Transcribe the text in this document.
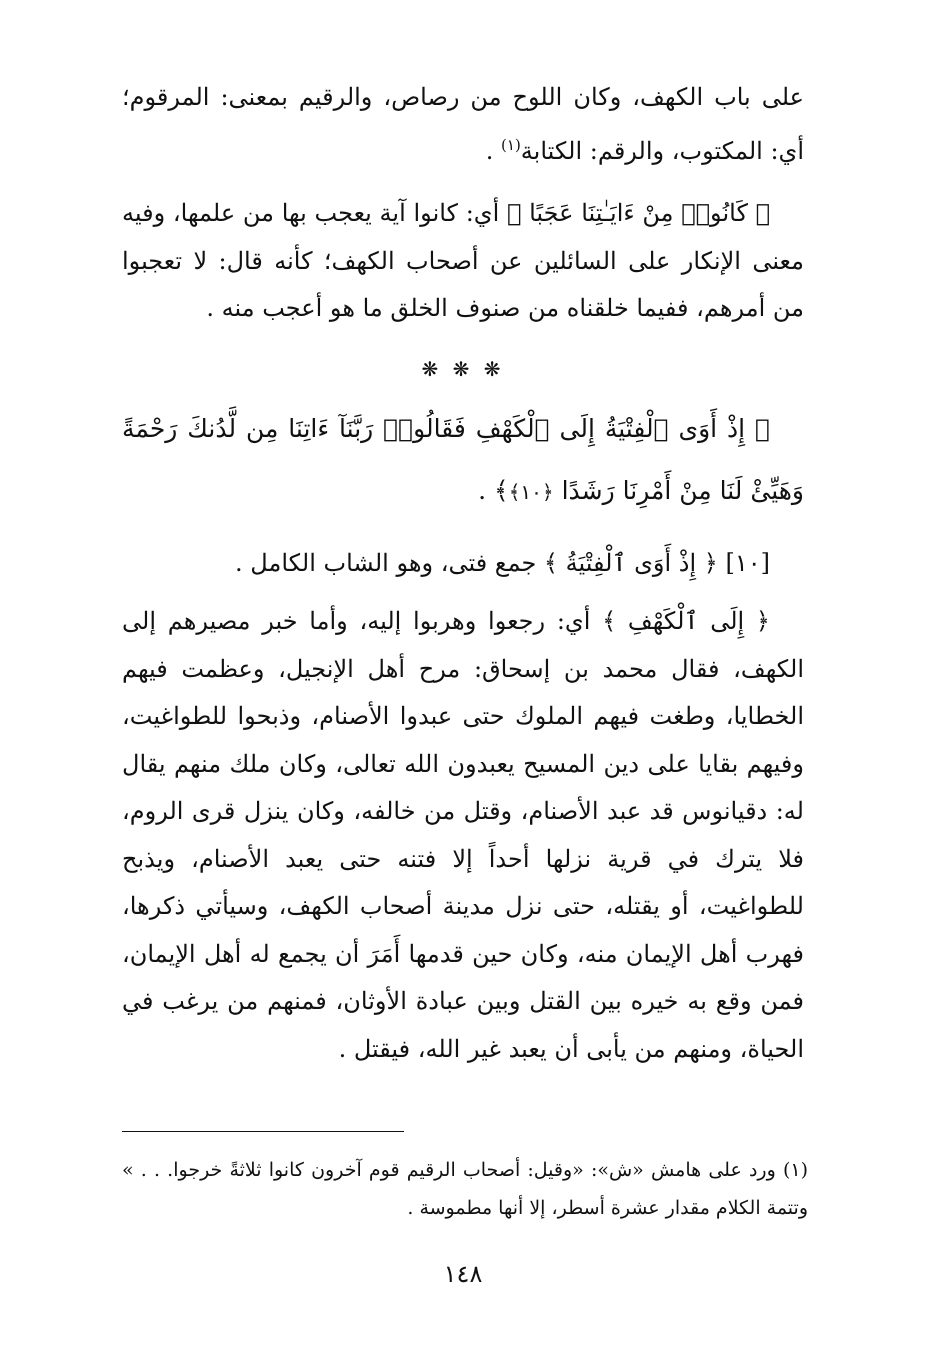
على باب الكهف، وكان اللوح من رصاص، والرقيم بمعنى: المرقوم؛

أي: المكتوب، والرقم: الكتابة$^{(١)}$ .

﴿ كَانُوا۟ مِنْ ءَايَـٰتِنَا عَجَبًا ﴾ أي: كانوا آية يعجب بها من علمها، وفيه معنى الإنكار على السائلين عن أصحاب الكهف؛ كأنه قال: لا تعجبوا من أمرهم، ففيما خلقناه من صنوف الخلق ما هو أعجب منه .

❋ ❋ ❋

﴿ إِذْ أَوَى ٱلْفِتْيَةُ إِلَى ٱلْكَهْفِ فَقَالُوا۟ رَبَّنَآ ءَاتِنَا مِن لَّدُنكَ رَحْمَةً وَهَيِّئْ لَنَا مِنْ أَمْرِنَا رَشَدًا ﴿١٠﴾﴾ .

[١٠] ﴿ إِذْ أَوَى ٱلْفِتْيَةُ ﴾ جمع فتى، وهو الشاب الكامل .

﴿ إِلَى ٱلْكَهْفِ ﴾ أي: رجعوا وهربوا إليه، وأما خبر مصيرهم إلى الكهف، فقال محمد بن إسحاق: مرح أهل الإنجيل، وعظمت فيهم الخطايا، وطغت فيهم الملوك حتى عبدوا الأصنام، وذبحوا للطواغيت، وفيهم بقايا على دين المسيح يعبدون الله تعالى، وكان ملك منهم يقال له: دقيانوس قد عبد الأصنام، وقتل من خالفه، وكان ينزل قرى الروم، فلا يترك في قرية نزلها أحداً إلا فتنه حتى يعبد الأصنام، ويذبح للطواغيت، أو يقتله، حتى نزل مدينة أصحاب الكهف، وسيأتي ذكرها، فهرب أهل الإيمان منه، وكان حين قدمها أَمَرَ أن يجمع له أهل الإيمان، فمن وقع به خيره بين القتل وبين عبادة الأوثان، فمنهم من يرغب في الحياة، ومنهم من يأبى أن يعبد غير الله، فيقتل .

(١) ورد على هامش «ش»: «وقيل: أصحاب الرقيم قوم آخرون كانوا ثلاثةً خرجوا. . . » وتتمة الكلام مقدار عشرة أسطر، إلا أنها مطموسة .

١٤٨
